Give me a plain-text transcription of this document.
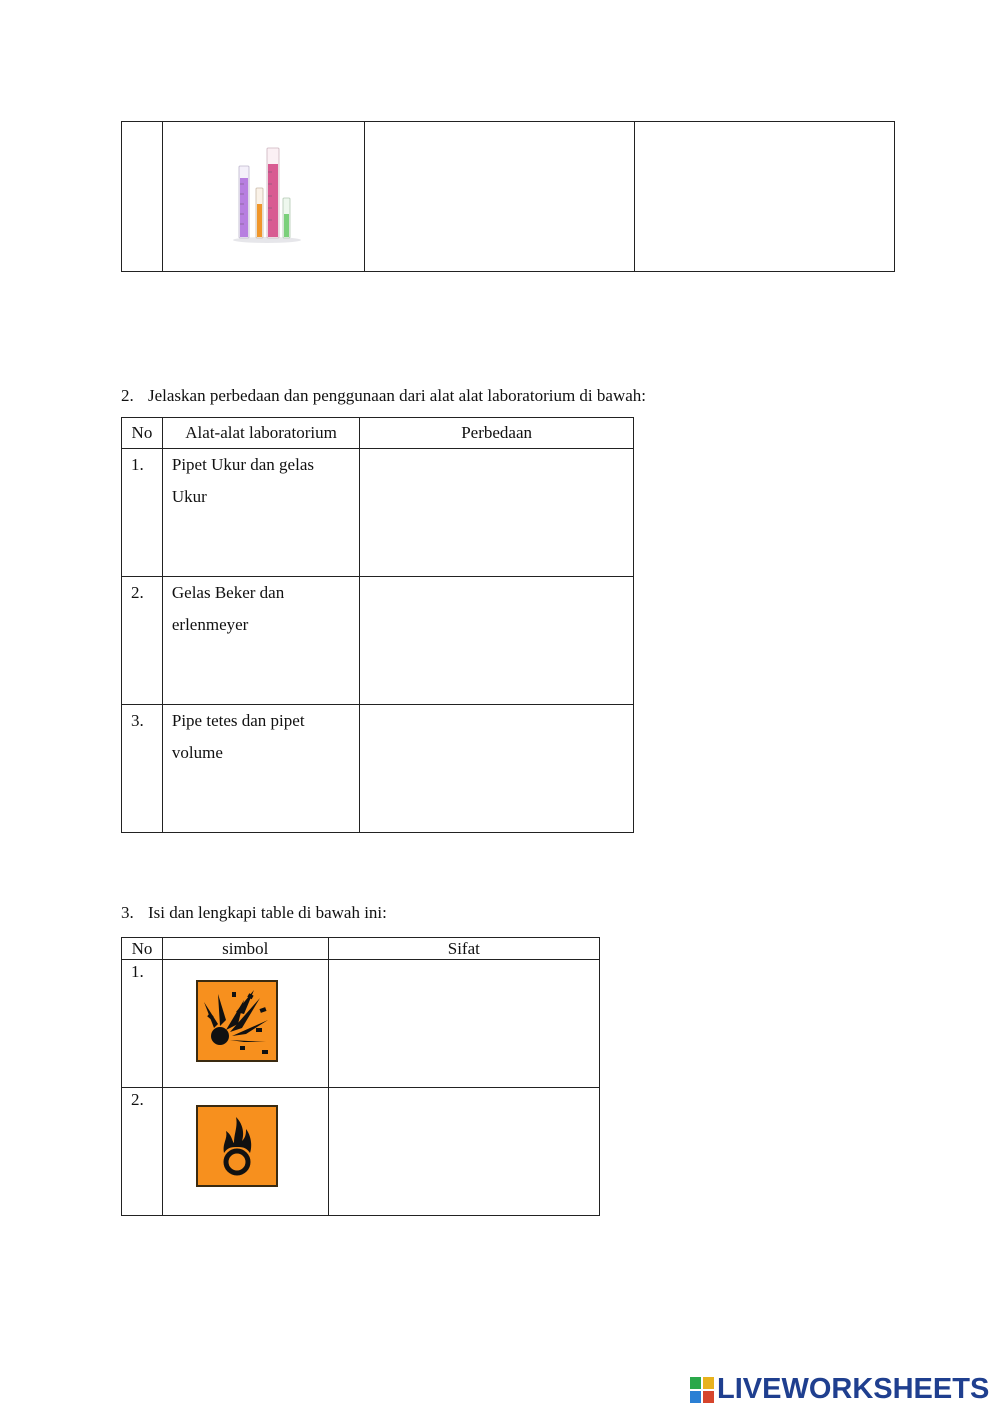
2. Jelaskan perbedaan dan penggunaan dari alat alat laboratorium di bawah:
No	Alat-alat laboratorium	Perbedaan
1.	Pipet Ukur dan gelas
Ukur	

2.	Gelas Beker dan
erlenmeyer	

3.	Pipe tetes dan pipet
volume	

3. Isi dan lengkapi table di bawah ini:
No	simbol	Sifat
1.	

2.	

LIVEWORKSHEETS
